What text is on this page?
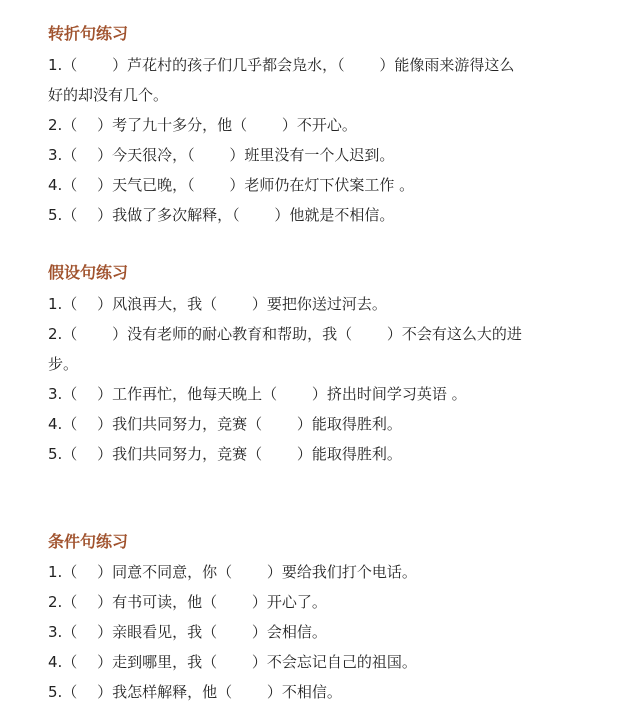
转折句练习
1.（　　 ）芦花村的孩子们几乎都会凫水，（　　 ）能像雨来游得这么
好的却没有几个。
2.（　 ）考了九十多分，他（　　 ）不开心。
3.（　 ）今天很冷，（　　 ）班里没有一个人迟到。
4.（　 ）天气已晚，（　　 ）老师仍在灯下伏案工作 。
5.（　 ）我做了多次解释，（　　 ）他就是不相信。
假设句练习
1.（　 ）风浪再大，我（　　 ）要把你送过河去。
2.（　　 ）没有老师的耐心教育和帮助，我（　　 ）不会有这么大的进
步。
3.（　 ）工作再忙，他每天晚上（　　 ）挤出时间学习英语 。
4.（　 ）我们共同努力，竞赛（　　 ）能取得胜利。
5.（　 ）我们共同努力，竞赛（　　 ）能取得胜利。
条件句练习
1.（　 ）同意不同意，你（　　 ）要给我们打个电话。
2.（　 ）有书可读，他（　　 ）开心了。
3.（　 ）亲眼看见，我（　　 ）会相信。
4.（　 ）走到哪里，我（　　 ）不会忘记自己的祖国。
5.（　 ）我怎样解释，他（　　 ）不相信。
